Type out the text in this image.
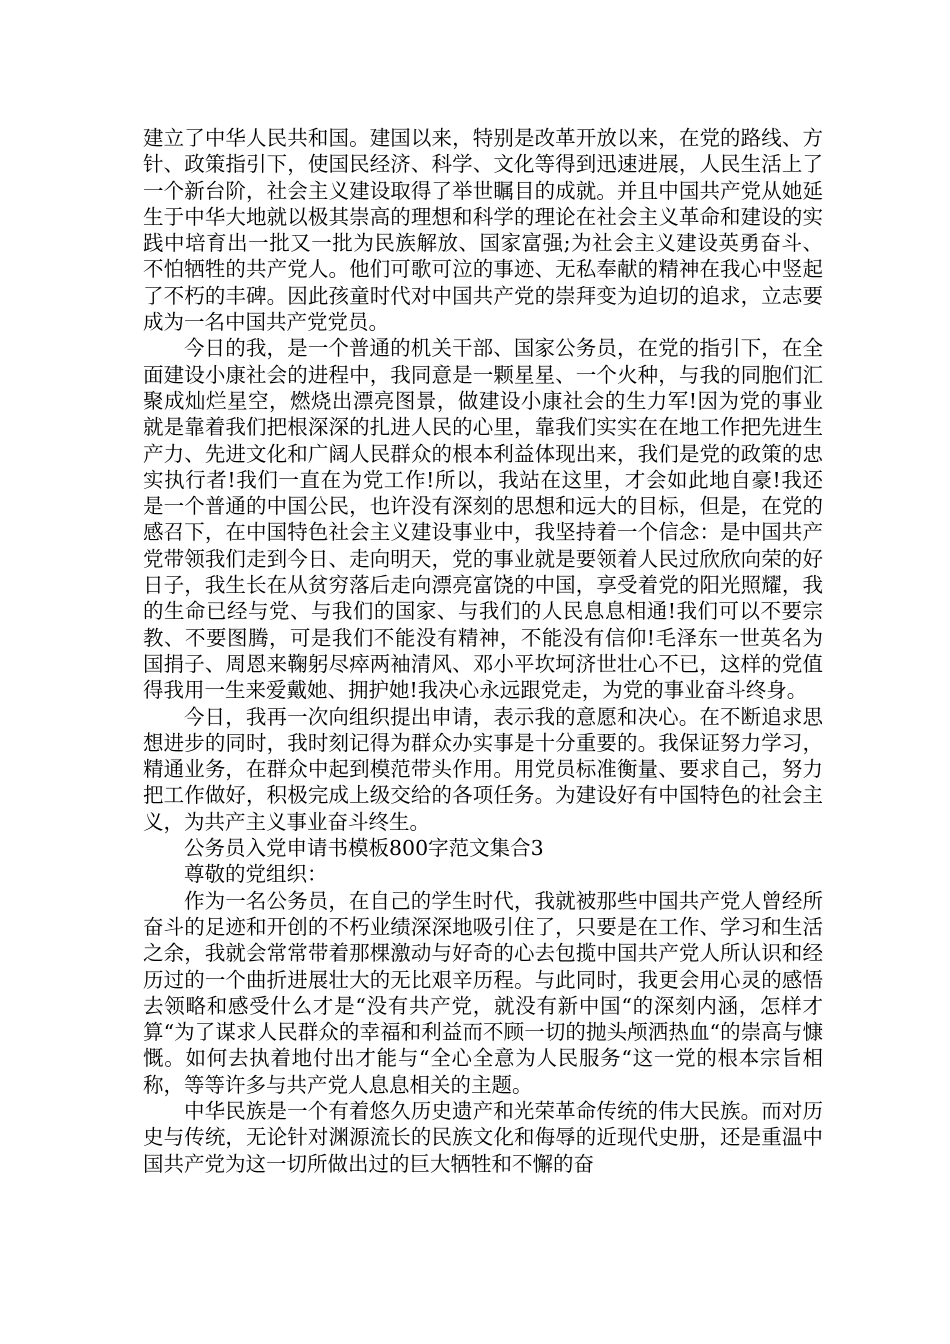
建立了中华人民共和国。建国以来，特别是改革开放以来，在党的路线、方针、政策指引下，使国民经济、科学、文化等得到迅速进展，人民生活上了一个新台阶，社会主义建设取得了举世瞩目的成就。并且中国共产党从她延生于中华大地就以极其崇高的理想和科学的理论在社会主义革命和建设的实践中培育出一批又一批为民族解放、国家富强;为社会主义建设英勇奋斗、不怕牺牲的共产党人。他们可歌可泣的事迹、无私奉献的精神在我心中竖起了不朽的丰碑。因此孩童时代对中国共产党的崇拜变为迫切的追求，立志要成为一名中国共产党党员。

今日的我，是一个普通的机关干部、国家公务员，在党的指引下，在全面建设小康社会的进程中，我同意是一颗星星、一个火种，与我的同胞们汇聚成灿烂星空，燃烧出漂亮图景，做建设小康社会的生力军!因为党的事业就是靠着我们把根深深的扎进人民的心里，靠我们实实在在地工作把先进生产力、先进文化和广阔人民群众的根本利益体现出来，我们是党的政策的忠实执行者!我们一直在为党工作!所以，我站在这里，才会如此地自豪!我还是一个普通的中国公民，也许没有深刻的思想和远大的目标，但是，在党的感召下，在中国特色社会主义建设事业中，我坚持着一个信念：是中国共产党带领我们走到今日、走向明天，党的事业就是要领着人民过欣欣向荣的好日子，我生长在从贫穷落后走向漂亮富饶的中国，享受着党的阳光照耀，我的生命已经与党、与我们的国家、与我们的人民息息相通!我们可以不要宗教、不要图腾，可是我们不能没有精神，不能没有信仰!毛泽东一世英名为国捐子、周恩来鞠躬尽瘁两袖清风、邓小平坎坷济世壮心不已，这样的党值得我用一生来爱戴她、拥护她!我决心永远跟党走，为党的事业奋斗终身。

今日，我再一次向组织提出申请，表示我的意愿和决心。在不断追求思想进步的同时，我时刻记得为群众办实事是十分重要的。我保证努力学习，精通业务，在群众中起到模范带头作用。用党员标准衡量、要求自己，努力把工作做好，积极完成上级交给的各项任务。为建设好有中国特色的社会主义，为共产主义事业奋斗终生。

公务员入党申请书模板800字范文集合3

尊敬的党组织：

作为一名公务员，在自己的学生时代，我就被那些中国共产党人曾经所奋斗的足迹和开创的不朽业绩深深地吸引住了，只要是在工作、学习和生活之余，我就会常常带着那棵激动与好奇的心去包揽中国共产党人所认识和经历过的一个曲折进展壮大的无比艰辛历程。与此同时，我更会用心灵的感悟去领略和感受什么才是“没有共产党，就没有新中国“的深刻内涵，怎样才算“为了谋求人民群众的幸福和利益而不顾一切的抛头颅洒热血“的崇高与慷慨。如何去执着地付出才能与“全心全意为人民服务“这一党的根本宗旨相称，等等许多与共产党人息息相关的主题。

中华民族是一个有着悠久历史遗产和光荣革命传统的伟大民族。而对历史与传统，无论针对渊源流长的民族文化和侮辱的近现代史册，还是重温中国共产党为这一切所做出过的巨大牺牲和不懈的奋
